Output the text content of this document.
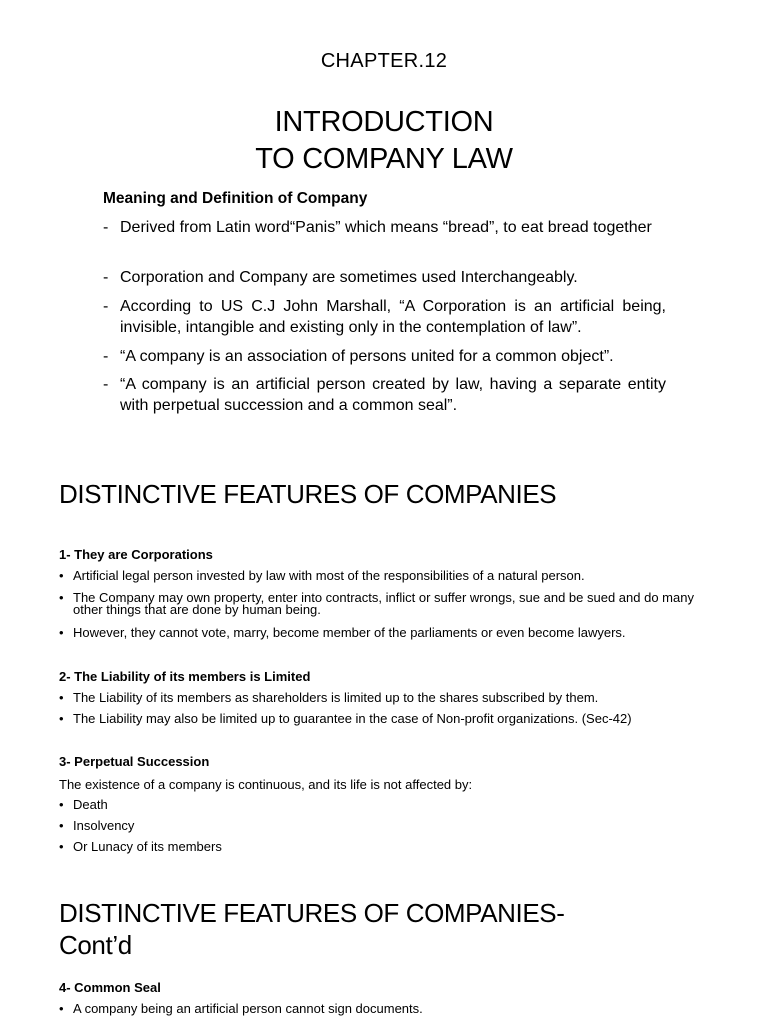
CHAPTER.12
INTRODUCTION
TO COMPANY LAW
Meaning and Definition of Company
- Derived from Latin word“Panis” which means “bread”, to eat bread together
- Corporation and Company are sometimes used Interchangeably.
- According to US C.J John Marshall, “A Corporation is an artificial being, invisible, intangible and existing only in the contemplation of law”.
- “A company is an association of persons united for a common object”.
- “A company is an artificial person created by law, having a separate entity with perpetual succession and a common seal”.
DISTINCTIVE FEATURES OF COMPANIES
1- They are Corporations
• Artificial legal person invested by law with most of the responsibilities of a natural person.
• The Company may own property, enter into contracts, inflict or suffer wrongs, sue and be sued and do many other things that are done by human being.
• However, they cannot vote, marry, become member of the parliaments or even become lawyers.
2- The Liability of its members is Limited
• The Liability of its members as shareholders is limited up to the shares subscribed by them.
• The Liability may also be limited up to guarantee in the case of Non-profit organizations. (Sec-42)
3- Perpetual Succession
The existence of a company is continuous, and its life is not affected by:
• Death
• Insolvency
• Or Lunacy of its members
DISTINCTIVE FEATURES OF COMPANIES-
Cont’d
4- Common Seal
• A company being an artificial person cannot sign documents.
